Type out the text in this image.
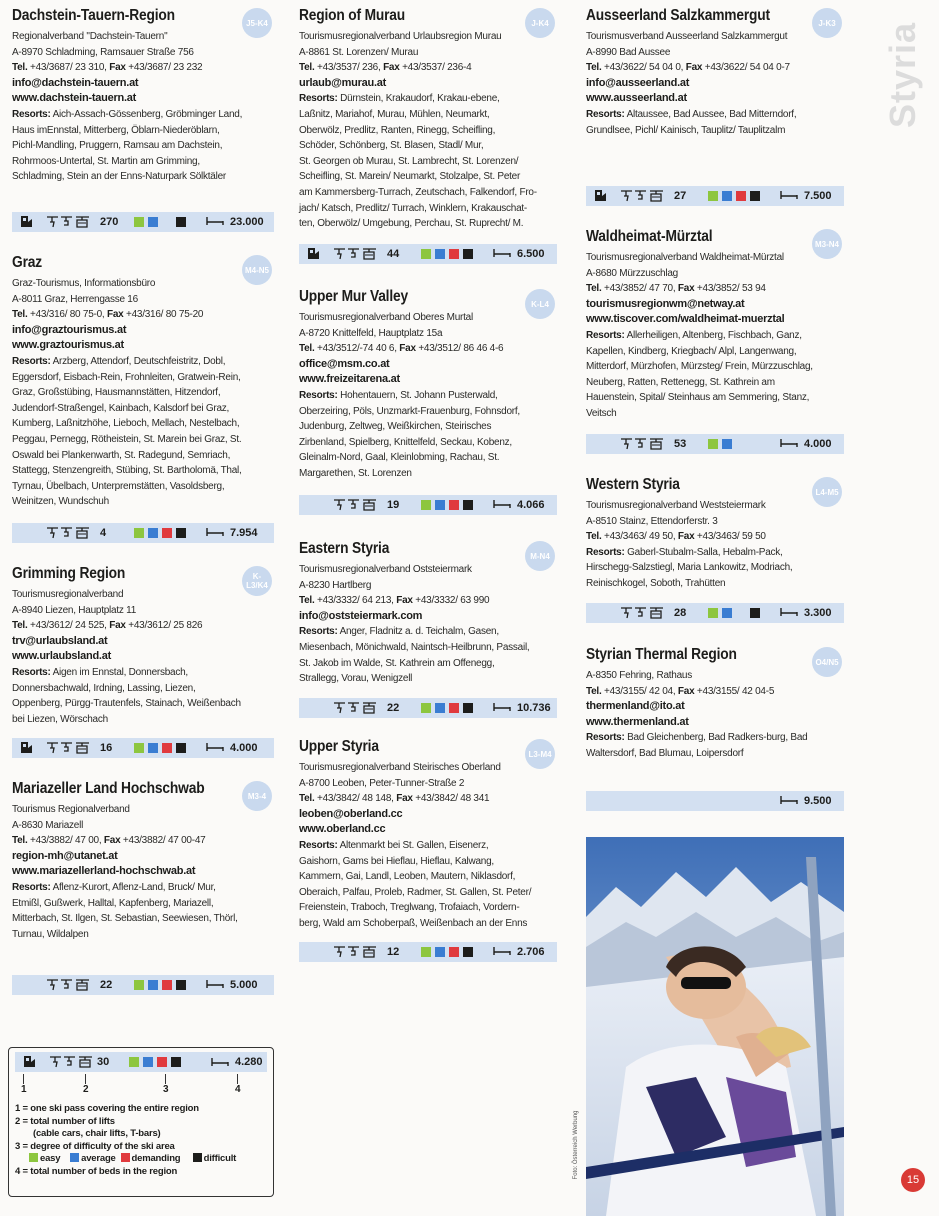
J5-K4
Dachstein-Tauern-Region
Regionalverband "Dachstein-Tauern"
A-8970 Schladming, Ramsauer Straße 756
Tel. +43/3687/ 23 310, Fax +43/3687/ 23 232
info@dachstein-tauern.at
www.dachstein-tauern.at
Resorts: Aich-Assach-Gössenberg, Gröbminger Land,
Haus imEnnstal, Mitterberg, Öblarn-Niederöblarn,
Pichl-Mandling, Pruggern, Ramsau am Dachstein,
Rohrmoos-Untertal, St. Martin am Grimming,
Schladming, Stein an der Enns-Naturpark Sölktäler
270	23.000
M4-N5
Graz
Graz-Tourismus, Informationsbüro
A-8011 Graz, Herrengasse 16
Tel. +43/316/ 80 75-0, Fax +43/316/ 80 75-20
info@graztourismus.at
www.graztourismus.at
Resorts: Arzberg, Attendorf, Deutschfeistritz, Dobl,
Eggersdorf, Eisbach-Rein, Frohnleiten, Gratwein-Rein,
Graz, Großstübing, Hausmannstätten, Hitzendorf,
Judendorf-Straßengel, Kainbach, Kalsdorf bei Graz,
Kumberg, Laßnitzhöhe, Lieboch, Mellach, Nestelbach,
Peggau, Pernegg, Rötheistein, St. Marein bei Graz, St.
Oswald bei Plankenwarth, St. Radegund, Semriach,
Stattegg, Stenzengreith, Stübing, St. Bartholomä, Thal,
Tyrnau, Übelbach, Unterpremstätten, Vasoldsberg,
Weinitzen, Wundschuh
4	7.954
K-L3/K4
Grimming Region
Tourismusregionalverband
A-8940 Liezen, Hauptplatz 11
Tel. +43/3612/ 24 525, Fax +43/3612/ 25 826
trv@urlaubsland.at
www.urlaubsland.at
Resorts: Aigen im Ennstal, Donnersbach,
Donnersbachwald, Irdning, Lassing, Liezen,
Oppenberg, Pürgg-Trautenfels, Stainach, Weißenbach
bei Liezen, Wörschach
16	4.000
M3-4
Mariazeller Land Hochschwab
Tourismus Regionalverband
A-8630 Mariazell
Tel. +43/3882/ 47 00, Fax +43/3882/ 47 00-47
region-mh@utanet.at
www.mariazellerland-hochschwab.at
Resorts: Aflenz-Kurort, Aflenz-Land, Bruck/ Mur,
Etmißl, Gußwerk, Halltal, Kapfenberg, Mariazell,
Mitterbach, St. Ilgen, St. Sebastian, Seewiesen, Thörl,
Turnau, Wildalpen
22	5.000
30	4.280
1	2	3	4
1 = one ski pass covering the entire region
2 = total number of lifts
(cable cars, chair lifts, T-bars)
3 = degree of difficulty of the ski area
easy average demanding difficult
4 = total number of beds in the region
J-K4
Region of Murau
Tourismusregionalverband Urlaubsregion Murau
A-8861 St. Lorenzen/ Murau
Tel. +43/3537/ 236, Fax +43/3537/ 236-4
urlaub@murau.at
Resorts: Dürnstein, Krakaudorf, Krakau-ebene,
Laßnitz, Mariahof, Murau, Mühlen, Neumarkt,
Oberwölz, Predlitz, Ranten, Rinegg, Scheifling,
Schöder, Schönberg, St. Blasen, Stadl/ Mur,
St. Georgen ob Murau, St. Lambrecht, St. Lorenzen/
Scheifling, St. Marein/ Neumarkt, Stolzalpe, St. Peter
am Kammersberg-Turrach, Zeutschach, Falkendorf, Fro-
jach/ Katsch, Predlitz/ Turrach, Winklern, Krakauschat-
ten, Oberwölz/ Umgebung, Perchau, St. Ruprecht/ M.
44	6.500
K-L4
Upper Mur Valley
Tourismusregionalverband Oberes Murtal
A-8720 Knittelfeld, Hauptplatz 15a
Tel. +43/3512/-74 40 6, Fax +43/3512/ 86 46 4-6
office@msm.co.at
www.freizeitarena.at
Resorts: Hohentauern, St. Johann Pusterwald,
Oberzeiring, Pöls, Unzmarkt-Frauenburg, Fohnsdorf,
Judenburg, Zeltweg, Weißkirchen, Steirisches
Zirbenland, Spielberg, Knittelfeld, Seckau, Kobenz,
Gleinalm-Nord, Gaal, Kleinlobming, Rachau, St.
Margarethen, St. Lorenzen
19	4.066
M-N4
Eastern Styria
Tourismusregionalverband Oststeiermark
A-8230 Hartlberg
Tel. +43/3332/ 64 213, Fax +43/3332/ 63 990
info@oststeiermark.com
Resorts: Anger, Fladnitz a. d. Teichalm, Gasen,
Miesenbach, Mönichwald, Naintsch-Heilbrunn, Passail,
St. Jakob im Walde, St. Kathrein am Offenegg,
Strallegg, Vorau, Wenigzell
22	10.736
L3-M4
Upper Styria
Tourismusregionalverband Steirisches Oberland
A-8700 Leoben, Peter-Tunner-Straße 2
Tel. +43/3842/ 48 148, Fax +43/3842/ 48 341
leoben@oberland.cc
www.oberland.cc
Resorts: Altenmarkt bei St. Gallen, Eisenerz,
Gaishorn, Gams bei Hieflau, Hieflau, Kalwang,
Kammern, Gai, Landl, Leoben, Mautern, Niklasdorf,
Oberaich, Palfau, Proleb, Radmer, St. Gallen, St. Peter/
Freienstein, Traboch, Treglwang, Trofaiach, Vordern-
berg, Wald am Schoberpaß, Weißenbach an der Enns
12	2.706
J-K3
Ausseerland Salzkammergut
Tourismusverband Ausseerland Salzkammergut
A-8990 Bad Aussee
Tel. +43/3622/ 54 04 0, Fax +43/3622/ 54 04 0-7
info@ausseerland.at
www.ausseerland.at
Resorts: Altaussee, Bad Aussee, Bad Mitterndorf,
Grundlsee, Pichl/ Kainisch, Tauplitz/ Tauplitzalm
27	7.500
M3-N4
Waldheimat-Mürztal
Tourismusregionalverband Waldheimat-Mürztal
A-8680 Mürzzuschlag
Tel. +43/3852/ 47 70, Fax +43/3852/ 53 94
tourismusregionwm@netway.at
www.tiscover.com/waldheimat-muerztal
Resorts: Allerheiligen, Altenberg, Fischbach, Ganz,
Kapellen, Kindberg, Kriegbach/ Alpl, Langenwang,
Mitterdorf, Mürzhofen, Mürzsteg/ Frein, Mürzzuschlag,
Neuberg, Ratten, Rettenegg, St. Kathrein am
Hauenstein, Spital/ Steinhaus am Semmering, Stanz,
Veitsch
53	4.000
L4-M5
Western Styria
Tourismusregionalverband Weststeiermark
A-8510 Stainz, Ettendorferstr. 3
Tel. +43/3463/ 49 50, Fax +43/3463/ 59 50
Resorts: Gaberl-Stubalm-Salla, Hebalm-Pack,
Hirschegg-Salzstiegl, Maria Lankowitz, Modriach,
Reinischkogel, Soboth, Trahütten
28	3.300
O4/N5
Styrian Thermal Region
A-8350 Fehring, Rathaus
Tel. +43/3155/ 42 04, Fax +43/3155/ 42 04-5
thermenland@ito.at
www.thermenland.at
Resorts: Bad Gleichenberg, Bad Radkers-burg, Bad
Waltersdorf, Bad Blumau, Loipersdorf
9.500
Styria
Foto: Österreich Werbung
15
